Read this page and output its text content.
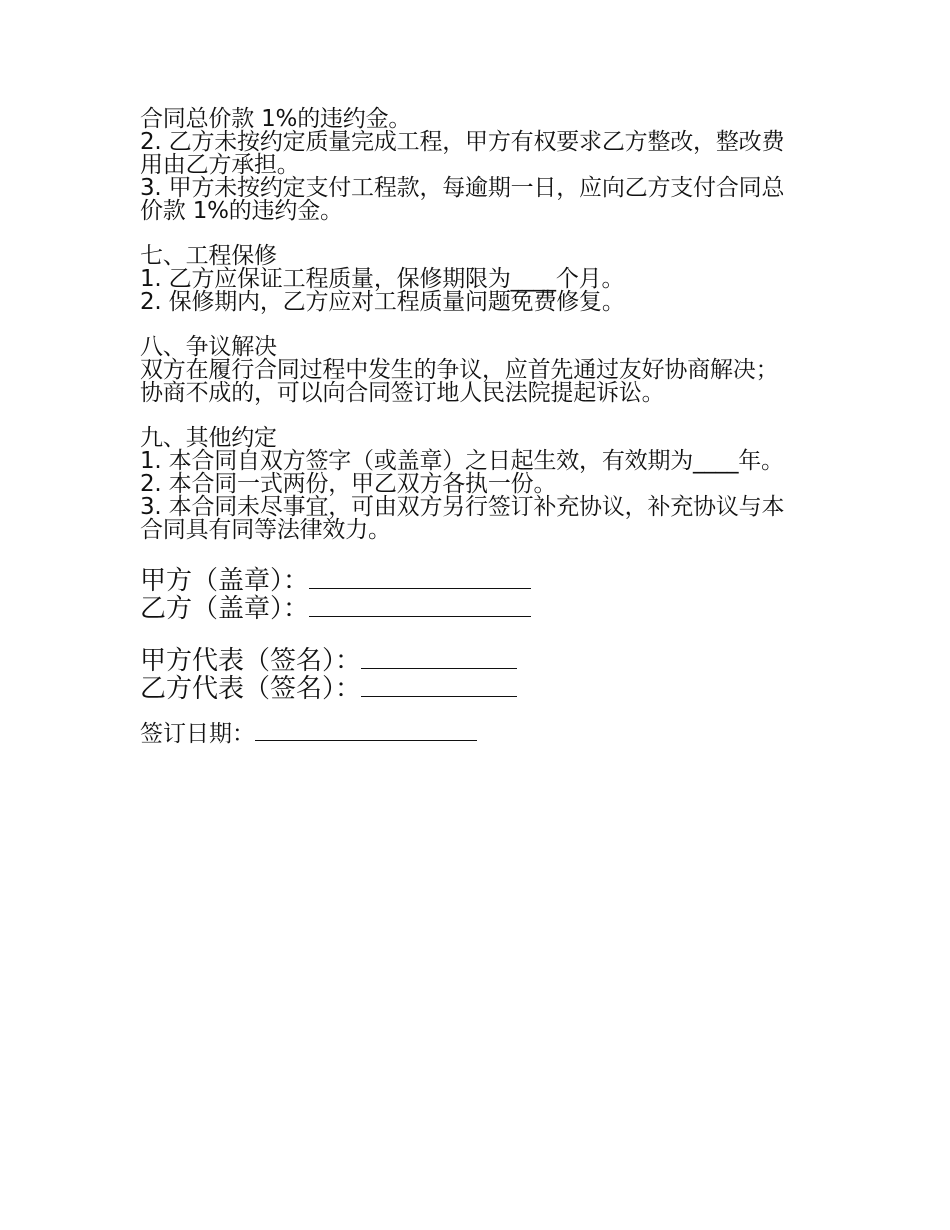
合同总价款 1%的违约金。

2. 乙方未按约定质量完成工程，甲方有权要求乙方整改，整改费用由乙方承担。

3. 甲方未按约定支付工程款，每逾期一日，应向乙方支付合同总价款 1%的违约金。

七、工程保修

1. 乙方应保证工程质量，保修期限为____个月。

2. 保修期内，乙方应对工程质量问题免费修复。

八、争议解决

双方在履行合同过程中发生的争议，应首先通过友好协商解决；协商不成的，可以向合同签订地人民法院提起诉讼。

九、其他约定

1. 本合同自双方签字（或盖章）之日起生效，有效期为____年。

2. 本合同一式两份，甲乙双方各执一份。

3. 本合同未尽事宜，可由双方另行签订补充协议，补充协议与本合同具有同等法律效力。

甲方（盖章）：

乙方（盖章）：

甲方代表（签名）：

乙方代表（签名）：

签订日期：
